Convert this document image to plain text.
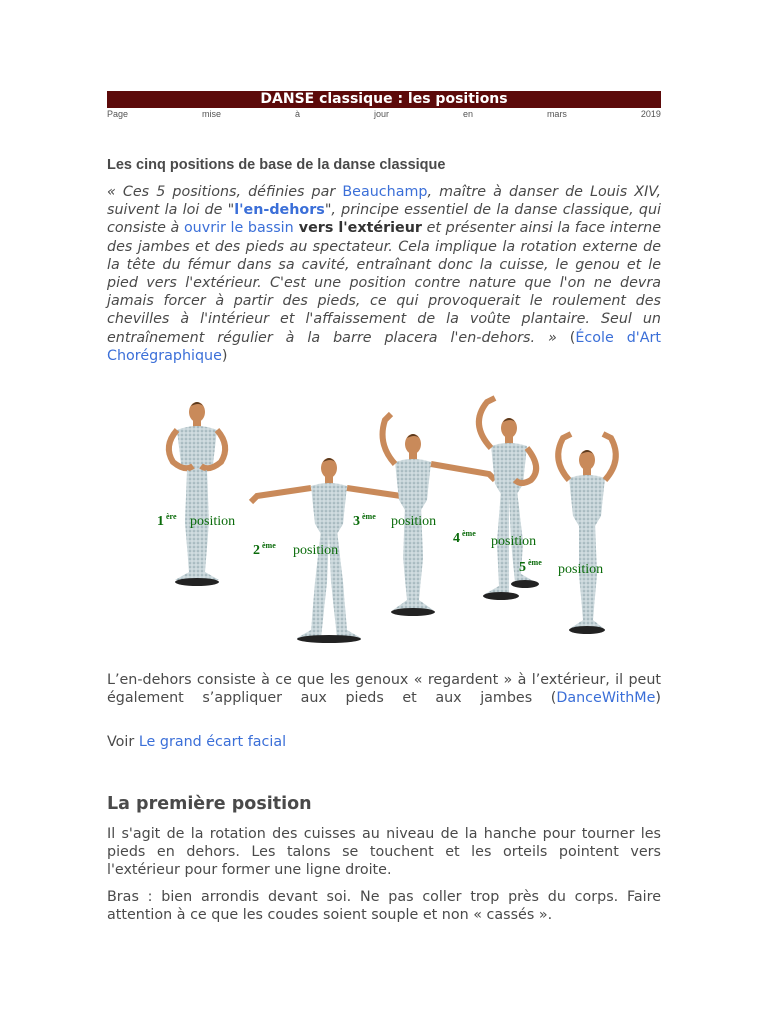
DANSE classique : les positions
Page	mise	à	jour	en	mars	2019
Les cinq positions de base de la danse classique
« Ces 5 positions, définies par Beauchamp, maître à danser de Louis XIV, suivent la loi de "l'en-dehors", principe essentiel de la danse classique, qui consiste à ouvrir le bassin vers l'extérieur et présenter ainsi la face interne des jambes et des pieds au spectateur. Cela implique la rotation externe de la tête du fémur dans sa cavité, entraînant donc la cuisse, le genou et le pied vers l'extérieur. C'est une position contre nature que l'on ne devra jamais forcer à partir des pieds, ce qui provoquerait le roulement des chevilles à l'intérieur et l'affaissement de la voûte plantaire. Seul un entraînement régulier à la barre placera l'en-dehors. » (École d'Art Chorégraphique)
1 ère position
2 ème position
3 ème position
4 ème
position
5 ème position
L’en-dehors consiste à ce que les genoux « regardent » à l’extérieur, il peut également s’appliquer aux pieds et aux jambes (DanceWithMe)
Voir Le grand écart facial
La première position
Il s'agit de la rotation des cuisses au niveau de la hanche pour tourner les pieds en dehors. Les talons se touchent et les orteils pointent vers l'extérieur pour former une ligne droite.
Bras : bien arrondis devant soi. Ne pas coller trop près du corps. Faire attention à ce que les coudes soient souple et non « cassés ».
